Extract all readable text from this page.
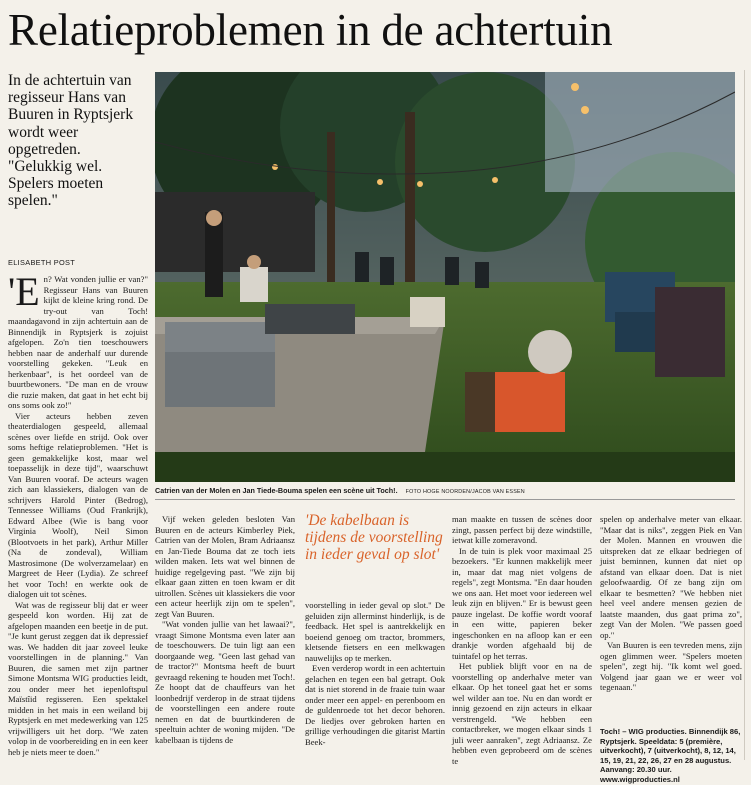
Relatieproblemen in de achtertuin

In de achtertuin van regisseur Hans van Buuren in Ryptsjerk wordt weer opgetreden. "Gelukkig wel. Spelers moeten spelen."

ELISABETH POST
Catrien van der Molen en Jan Tiede-Bouma spelen een scène uit Toch!. FOTO HOGE NOORDEN/JACOB VAN ESSEN

'En? Wat vonden jullie er van?" Regisseur Hans van Buuren kijkt de kleine kring rond. De try-out van Toch! maandagavond in zijn achtertuin aan de Binnendijk in Ryptsjerk is zojuist afgelopen. Zo'n tien toeschouwers hebben naar de anderhalf uur durende voorstelling gekeken. "Leuk en herkenbaar", is het oordeel van de buurtbewoners. "De man en de vrouw die ruzie maken, dat gaat in het echt bij ons soms ook zo!"

Vier acteurs hebben zeven theaterdialogen gespeeld, allemaal scènes over liefde en strijd. Ook over soms heftige relatieproblemen. "Het is geen gemakkelijke kost, maar wel toepasselijk in deze tijd", waarschuwt Van Buuren vooraf. De acteurs wagen zich aan klassiekers, dialogen van de schrijvers Harold Pinter (Bedrog), Tennessee Williams (Oud Frankrijk), Edward Albee (Wie is bang voor Virginia Woolf), Neil Simon (Blootvoets in het park), Arthur Miller (Na de zondeval), William Mastrosimone (De wolverzamelaar) en Margreet de Heer (Lydia). Ze schreef het voor Toch! en werkte ook de dialogen uit tot scènes.

Wat was de regisseur blij dat er weer gespeeld kon worden. Hij zat de afgelopen maanden een beetje in de put. "Je kunt gerust zeggen dat ik depressief was. We hadden dit jaar zoveel leuke voorstellingen in de planning." Van Buuren, die samen met zijn partner Simone Montsma WIG producties leidt, zou onder meer het iepenloftspul Maïstîid regisseren. Een spektakel midden in het mais in een weiland bij Ryptsjerk en met medewerking van 125 vrijwilligers uit het dorp. "We zaten volop in de voorbereiding en in een keer heb je niets meer te doen."

Vijf weken geleden besloten Van Buuren en de acteurs Kimberley Piek, Catrien van der Molen, Bram Adriaansz en Jan-Tiede Bouma dat ze toch iets wilden maken. Iets wat wel binnen de huidige regelgeving past. "We zijn bij elkaar gaan zitten en toen kwam er dit uitrollen. Scènes uit klassiekers die voor een acteur heerlijk zijn om te spelen", zegt Van Buuren.

"Wat vonden jullie van het lawaai?", vraagt Simone Montsma even later aan de toeschouwers. De tuin ligt aan een doorgaande weg. "Geen last gehad van de tractor?" Montsma heeft de buurt gevraagd rekening te houden met Toch!. Ze hoopt dat de chauffeurs van het loonbedrijf verderop in de straat tijdens de voorstellingen een andere route nemen en dat de buurtkinderen de speeltuin achter de woning mijden. "De kabelbaan is tijdens de

voorstelling in ieder geval op slot." De geluiden zijn allerminst hinderlijk, is de feedback. Het spel is aantrekkelijk en boeiend genoeg om tractor, brommers, kletsende fietsers en een melkwagen nauwelijks op te merken.

Even verderop wordt in een achtertuin gelachen en tegen een bal getrapt. Ook dat is niet storend in de fraaie tuin waar onder meer een appel- en perenboom en de guldenroede tot het decor behoren. De liedjes over gebroken harten en grillige verhoudingen die gitarist Martin Beek-

'De kabelbaan is tijdens de voorstelling in ieder geval op slot'

man maakte en tussen de scènes door zingt, passen perfect bij deze windstille, ietwat kille zomeravond.

In de tuin is plek voor maximaal 25 bezoekers. "Er kunnen makkelijk meer in, maar dat mag niet volgens de regels", zegt Montsma. "En daar houden we ons aan. Het moet voor iedereen wel leuk zijn en blijven." Er is bewust geen pauze ingelast. De koffie wordt vooraf in een witte, papieren beker ingeschonken en na afloop kan er een drankje worden afgehaald bij de tuintafel op het terras.

Het publiek blijft voor en na de voorstelling op anderhalve meter van elkaar. Op het toneel gaat het er soms wel wilder aan toe. Nu en dan wordt er innig gezoend en zijn acteurs in elkaar verstrengeld. "We hebben een contactbreker, we mogen elkaar sinds 1 juli weer aanraken", zegt Adriaansz. Ze hebben even geprobeerd om de scènes te

spelen op anderhalve meter van elkaar. "Maar dat is niks", zeggen Piek en Van der Molen. Mannen en vrouwen die uitspreken dat ze elkaar bedriegen of juist beminnen, kunnen dat niet op afstand van elkaar doen. Dat is niet geloofwaardig. Of ze bang zijn om elkaar te besmetten? "We hebben niet heel veel andere mensen gezien de laatste maanden, dus gaat prima zo", zegt Van der Molen. "We passen goed op."

Van Buuren is een tevreden mens, zijn ogen glimmen weer. "Spelers moeten spelen", zegt hij. "Ik komt wel goed. Volgend jaar gaan we er weer vol tegenaan."

Toch! – WIG producties. Binnendijk 86, Ryptsjerk. Speeldata: 5 (première, uitverkocht), 7 (uitverkocht), 8, 12, 14, 15, 19, 21, 22, 26, 27 en 28 augustus. Aanvang: 20.30 uur. www.wigproducties.nl
